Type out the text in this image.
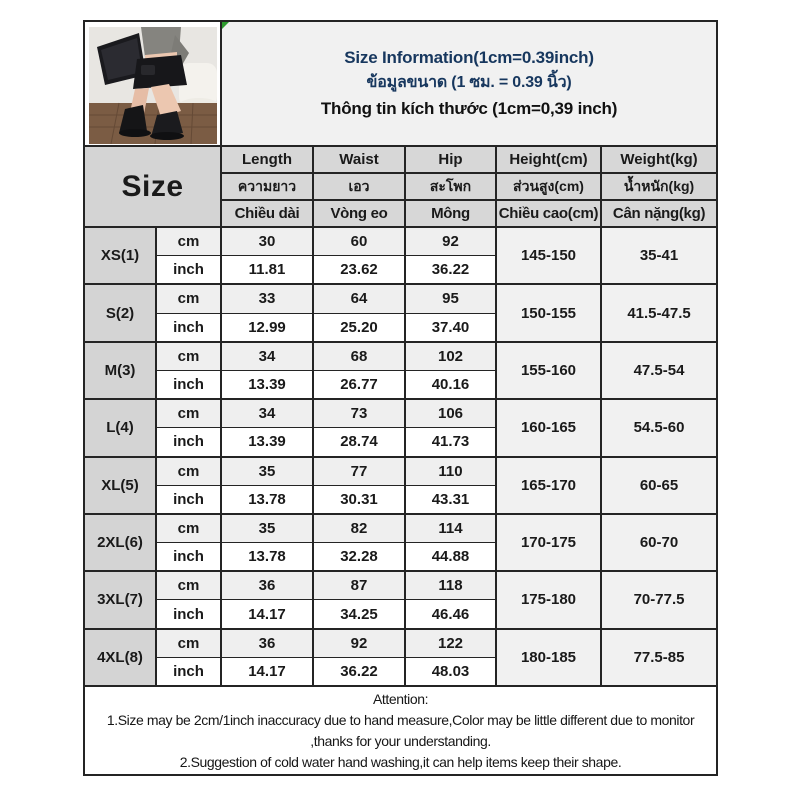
Size Information(1cm=0.39inch)
ข้อมูลขนาด (1 ซม. = 0.39 นิ้ว)
Thông tin kích thước (1cm=0,39 inch)				

Size		Length	Waist	Hip	Height(cm)	Weight(kg)
		ความยาว	เอว	สะโพก	ส่วนสูง(cm)	น้ำหนัก(kg)
		Chiều dài	Vòng eo	Mông	Chiều cao(cm)	Cân nặng(kg)
XS(1)	cm	30	60	92	145-150	35-41
	inch	11.81	23.62	36.22		
S(2)	cm	33	64	95	150-155	41.5-47.5
	inch	12.99	25.20	37.40		
M(3)	cm	34	68	102	155-160	47.5-54
	inch	13.39	26.77	40.16		
L(4)	cm	34	73	106	160-165	54.5-60
	inch	13.39	28.74	41.73		
XL(5)	cm	35	77	110	165-170	60-65
	inch	13.78	30.31	43.31		
2XL(6)	cm	35	82	114	170-175	60-70
	inch	13.78	32.28	44.88		
3XL(7)	cm	36	87	118	175-180	70-77.5
	inch	14.17	34.25	46.46		
4XL(8)	cm	36	92	122	180-185	77.5-85
	inch	14.17	36.22	48.03		

Attention:
1.Size may be 2cm/1inch inaccuracy due to hand measure,Color may be little different due to monitor
,thanks for your understanding.
2.Suggestion of cold water hand washing,it can help items keep their shape.						
